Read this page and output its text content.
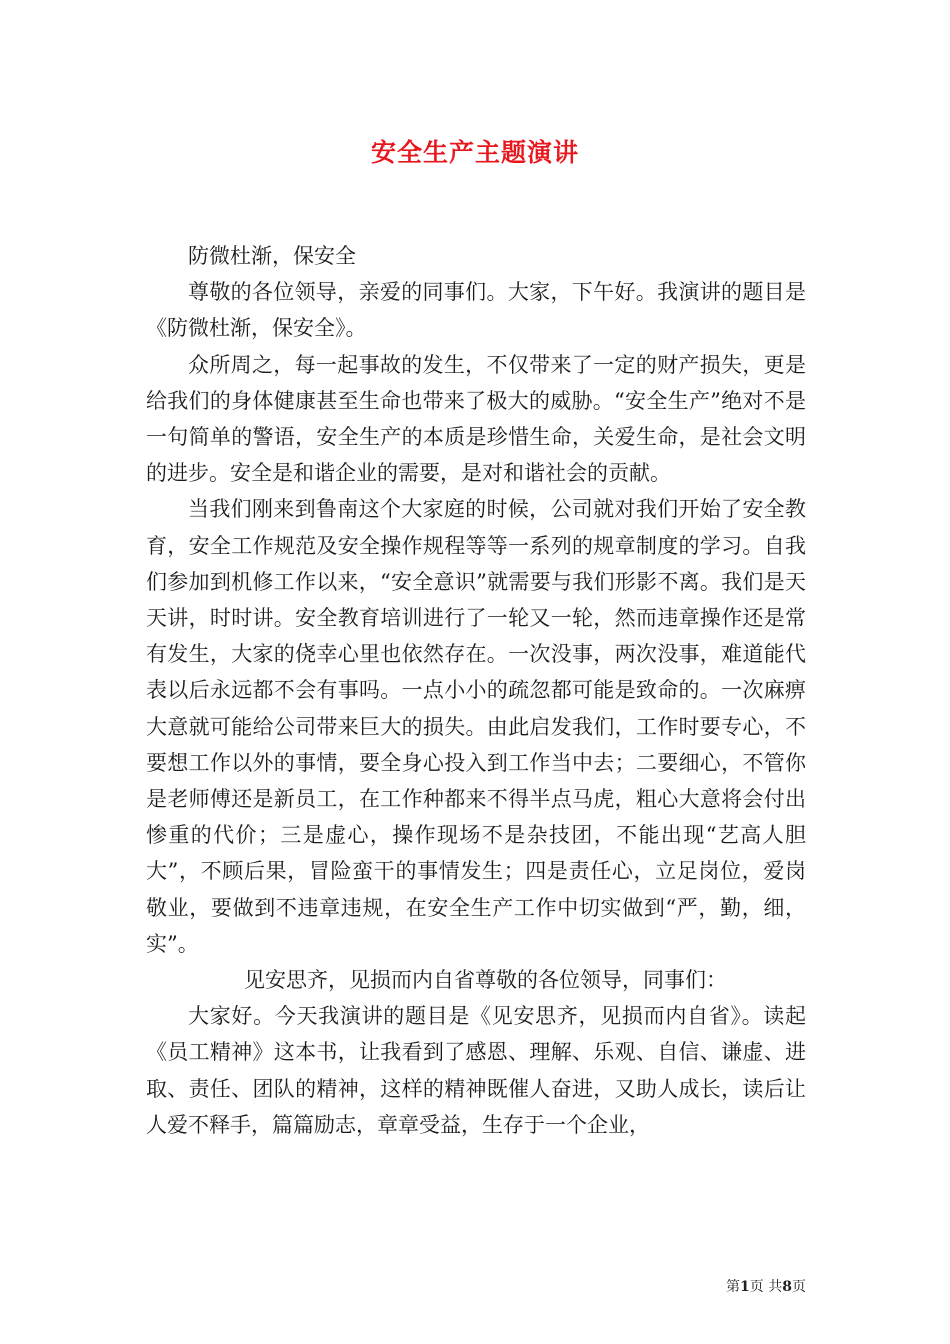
安全生产主题演讲

防微杜渐，保安全

尊敬的各位领导，亲爱的同事们。大家，下午好。我演讲的题目是《防微杜渐，保安全》。

众所周之，每一起事故的发生，不仅带来了一定的财产损失，更是给我们的身体健康甚至生命也带来了极大的威胁。“安全生产”绝对不是一句简单的警语，安全生产的本质是珍惜生命，关爱生命，是社会文明的进步。安全是和谐企业的需要，是对和谐社会的贡献。

当我们刚来到鲁南这个大家庭的时候，公司就对我们开始了安全教育，安全工作规范及安全操作规程等等一系列的规章制度的学习。自我们参加到机修工作以来，“安全意识”就需要与我们形影不离。我们是天天讲，时时讲。安全教育培训进行了一轮又一轮，然而违章操作还是常有发生，大家的侥幸心里也依然存在。一次没事，两次没事，难道能代表以后永远都不会有事吗。一点小小的疏忽都可能是致命的。一次麻痹大意就可能给公司带来巨大的损失。由此启发我们，工作时要专心，不要想工作以外的事情，要全身心投入到工作当中去；二要细心，不管你是老师傅还是新员工，在工作种都来不得半点马虎，粗心大意将会付出惨重的代价；三是虚心，操作现场不是杂技团，不能出现“艺高人胆大”，不顾后果，冒险蛮干的事情发生；四是责任心，立足岗位，爱岗敬业，要做到不违章违规，在安全生产工作中切实做到“严，勤，细，实”。

见安思齐，见损而内自省尊敬的各位领导，同事们：

大家好。今天我演讲的题目是《见安思齐，见损而内自省》。读起《员工精神》这本书，让我看到了感恩、理解、乐观、自信、谦虚、进取、责任、团队的精神，这样的精神既催人奋进，又助人成长，读后让人爱不释手，篇篇励志，章章受益，生存于一个企业，

第1页 共8页
